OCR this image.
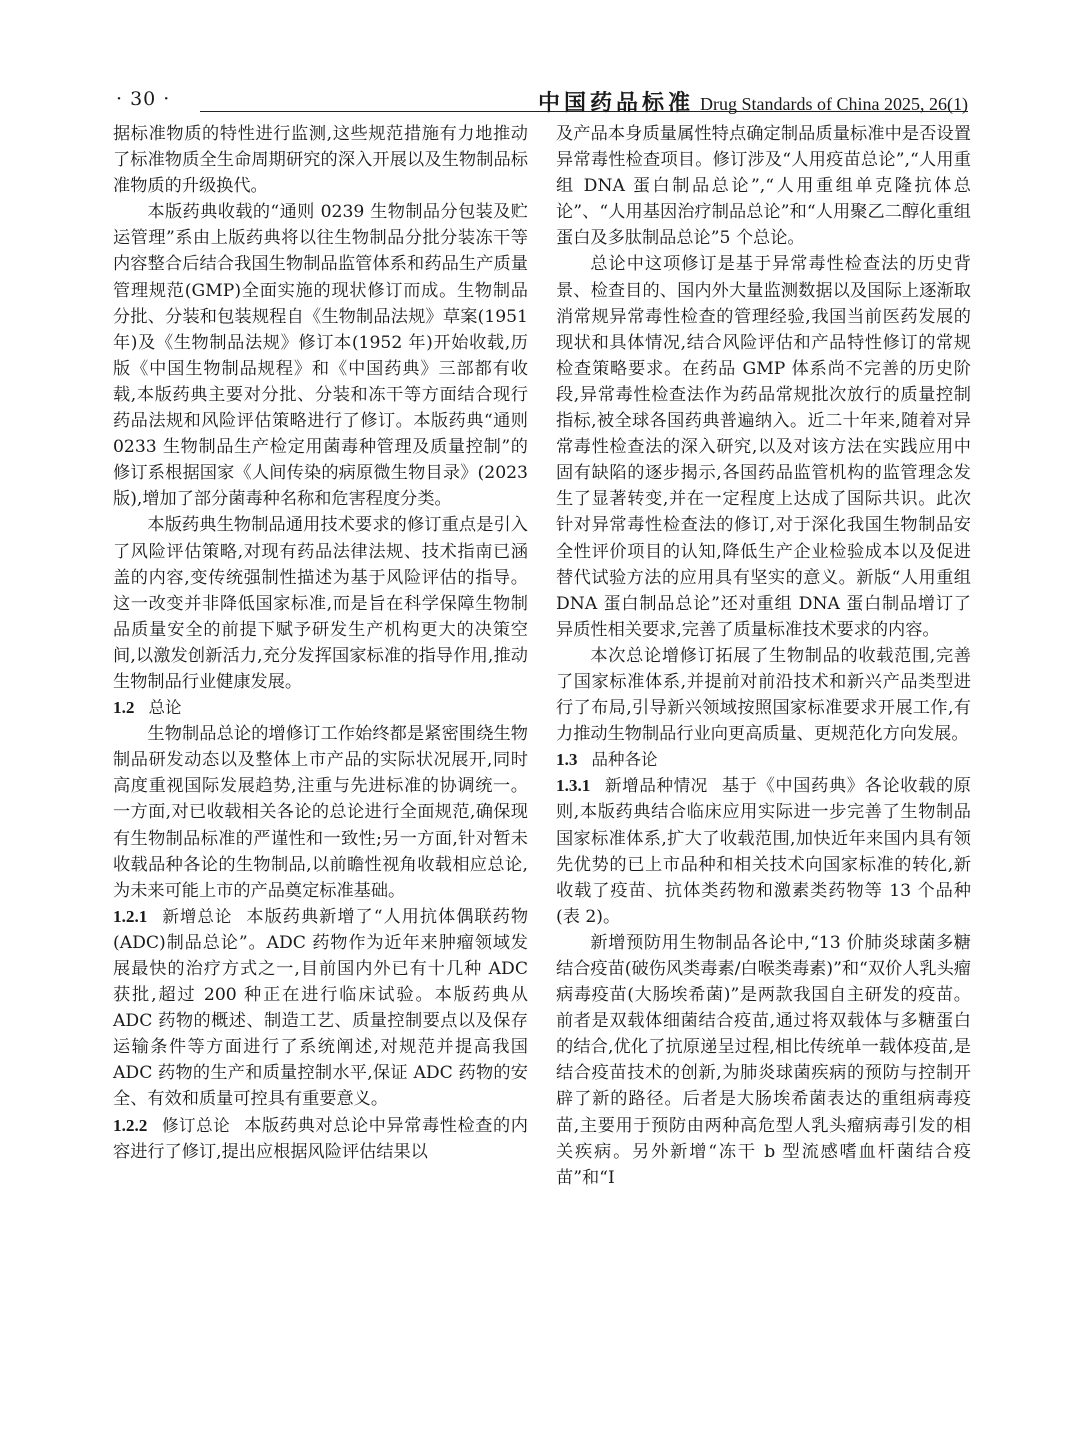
· 30 ·	中国药品标准 Drug Standards of China 2025, 26(1)

据标准物质的特性进行监测,这些规范措施有力地推动了标准物质全生命周期研究的深入开展以及生物制品标准物质的升级换代。

本版药典收载的“通则 0239 生物制品分包装及贮运管理”系由上版药典将以往生物制品分批分装冻干等内容整合后结合我国生物制品监管体系和药品生产质量管理规范(GMP)全面实施的现状修订而成。生物制品分批、分装和包装规程自《生物制品法规》草案(1951 年)及《生物制品法规》修订本(1952 年)开始收载,历版《中国生物制品规程》和《中国药典》三部都有收载,本版药典主要对分批、分装和冻干等方面结合现行药品法规和风险评估策略进行了修订。本版药典“通则 0233 生物制品生产检定用菌毒种管理及质量控制”的修订系根据国家《人间传染的病原微生物目录》(2023 版),增加了部分菌毒种名称和危害程度分类。

本版药典生物制品通用技术要求的修订重点是引入了风险评估策略,对现有药品法律法规、技术指南已涵盖的内容,变传统强制性描述为基于风险评估的指导。这一改变并非降低国家标准,而是旨在科学保障生物制品质量安全的前提下赋予研发生产机构更大的决策空间,以激发创新活力,充分发挥国家标准的指导作用,推动生物制品行业健康发展。

1.2 总论

生物制品总论的增修订工作始终都是紧密围绕生物制品研发动态以及整体上市产品的实际状况展开,同时高度重视国际发展趋势,注重与先进标准的协调统一。一方面,对已收载相关各论的总论进行全面规范,确保现有生物制品标准的严谨性和一致性;另一方面,针对暂未收载品种各论的生物制品,以前瞻性视角收载相应总论,为未来可能上市的产品奠定标准基础。

1.2.1 新增总论 本版药典新增了“人用抗体偶联药物(ADC)制品总论”。ADC 药物作为近年来肿瘤领域发展最快的治疗方式之一,目前国内外已有十几种 ADC 获批,超过 200 种正在进行临床试验。本版药典从 ADC 药物的概述、制造工艺、质量控制要点以及保存运输条件等方面进行了系统阐述,对规范并提高我国 ADC 药物的生产和质量控制水平,保证 ADC 药物的安全、有效和质量可控具有重要意义。

1.2.2 修订总论 本版药典对总论中异常毒性检查的内容进行了修订,提出应根据风险评估结果以

及产品本身质量属性特点确定制品质量标准中是否设置异常毒性检查项目。修订涉及“人用疫苗总论”,“人用重组 DNA 蛋白制品总论”,“人用重组单克隆抗体总论”、“人用基因治疗制品总论”和“人用聚乙二醇化重组蛋白及多肽制品总论”5 个总论。

总论中这项修订是基于异常毒性检查法的历史背景、检查目的、国内外大量监测数据以及国际上逐渐取消常规异常毒性检查的管理经验,我国当前医药发展的现状和具体情况,结合风险评估和产品特性修订的常规检查策略要求。在药品 GMP 体系尚不完善的历史阶段,异常毒性检查法作为药品常规批次放行的质量控制指标,被全球各国药典普遍纳入。近二十年来,随着对异常毒性检查法的深入研究,以及对该方法在实践应用中固有缺陷的逐步揭示,各国药品监管机构的监管理念发生了显著转变,并在一定程度上达成了国际共识。此次针对异常毒性检查法的修订,对于深化我国生物制品安全性评价项目的认知,降低生产企业检验成本以及促进替代试验方法的应用具有坚实的意义。新版“人用重组 DNA 蛋白制品总论”还对重组 DNA 蛋白制品增订了异质性相关要求,完善了质量标准技术要求的内容。

本次总论增修订拓展了生物制品的收载范围,完善了国家标准体系,并提前对前沿技术和新兴产品类型进行了布局,引导新兴领域按照国家标准要求开展工作,有力推动生物制品行业向更高质量、更规范化方向发展。

1.3 品种各论

1.3.1 新增品种情况 基于《中国药典》各论收载的原则,本版药典结合临床应用实际进一步完善了生物制品国家标准体系,扩大了收载范围,加快近年来国内具有领先优势的已上市品种和相关技术向国家标准的转化,新收载了疫苗、抗体类药物和激素类药物等 13 个品种(表 2)。

新增预防用生物制品各论中,“13 价肺炎球菌多糖结合疫苗(破伤风类毒素/白喉类毒素)”和“双价人乳头瘤病毒疫苗(大肠埃希菌)”是两款我国自主研发的疫苗。前者是双载体细菌结合疫苗,通过将双载体与多糖蛋白的结合,优化了抗原递呈过程,相比传统单一载体疫苗,是结合疫苗技术的创新,为肺炎球菌疾病的预防与控制开辟了新的路径。后者是大肠埃希菌表达的重组病毒疫苗,主要用于预防由两种高危型人乳头瘤病毒引发的相关疾病。另外新增“冻干 b 型流感嗜血杆菌结合疫苗”和“I
